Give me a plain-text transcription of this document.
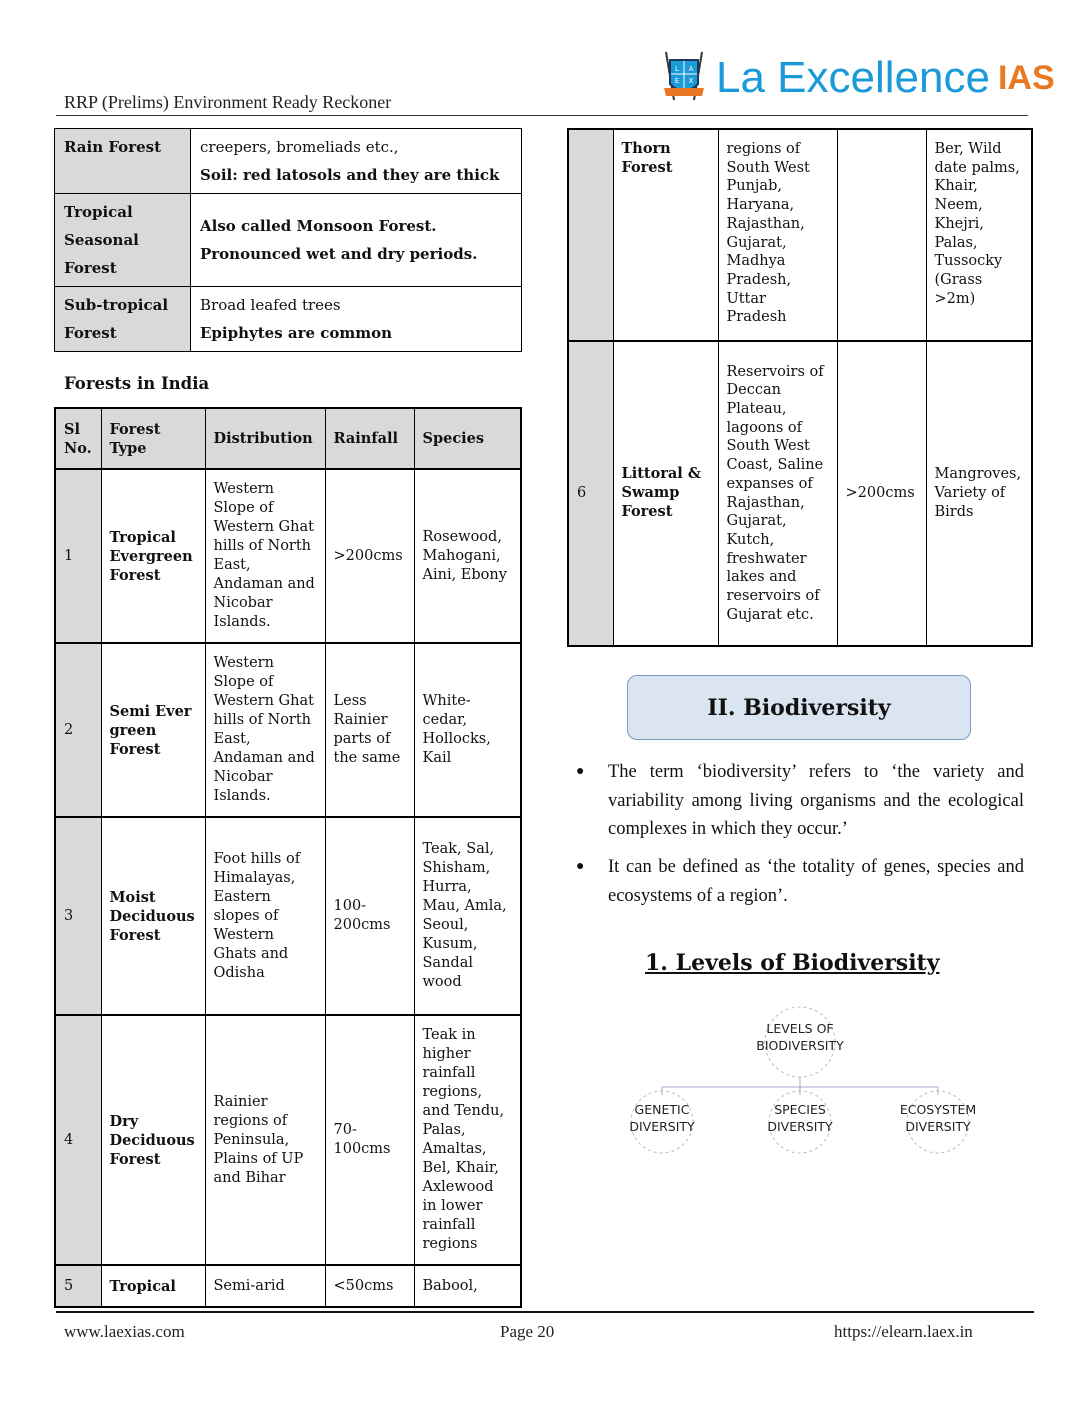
RRP (Prelims) Environment Ready Reckoner
L A
E X La Excellence IAS
Rain Forest	creepers, bromeliads etc.,
Soil: red latosols and they are thick

Tropical Seasonal Forest	Also called Monsoon Forest.
Pronounced wet and dry periods.

Sub-tropical Forest	Broad leafed trees
Epiphytes are common
Forests in India
Sl No.	Forest Type	Distribution	Rainfall	Species
1	Tropical Evergreen Forest	Western Slope of Western Ghat hills of North East, Andaman and Nicobar Islands.	>200cms	Rosewood, Mahogani, Aini, Ebony
2	Semi Ever green Forest	Western Slope of Western Ghat hills of North East, Andaman and Nicobar Islands.	Less Rainier parts of the same	White-cedar, Hollocks, Kail
3	Moist Deciduous Forest	Foot hills of Himalayas, Eastern slopes of Western Ghats and Odisha	100-200cms	Teak, Sal, Shisham, Hurra, Mau, Amla, Seoul, Kusum, Sandal wood
4	Dry Deciduous Forest	Rainier regions of Peninsula, Plains of UP and Bihar	70-100cms	Teak in higher rainfall regions, and Tendu, Palas, Amaltas, Bel, Khair, Axlewood in lower rainfall regions
5	Tropical	Semi-arid	<50cms	Babool,
	Thorn Forest	regions of South West Punjab, Haryana, Rajasthan, Gujarat, Madhya Pradesh, Uttar Pradesh		Ber, Wild date palms, Khair, Neem, Khejri, Palas, Tussocky (Grass >2m)
6	Littoral & Swamp Forest	Reservoirs of Deccan Plateau, lagoons of South West Coast, Saline expanses of Rajasthan, Gujarat, Kutch, freshwater lakes and reservoirs of Gujarat etc.	>200cms	Mangroves, Variety of Birds
II. Biodiversity
●	The term ‘biodiversity’ refers to ‘the variety and variability among living organisms and the ecological complexes in which they occur.’
●	It can be defined as ‘the totality of genes, species and ecosystems of a region’.
1. Levels of Biodiversity
LEVELS OF
BIODIVERSITY
GENETIC
DIVERSITY
SPECIES
DIVERSITY
ECOSYSTEM
DIVERSITY
www.laexias.com	Page 20	https://elearn.laex.in
